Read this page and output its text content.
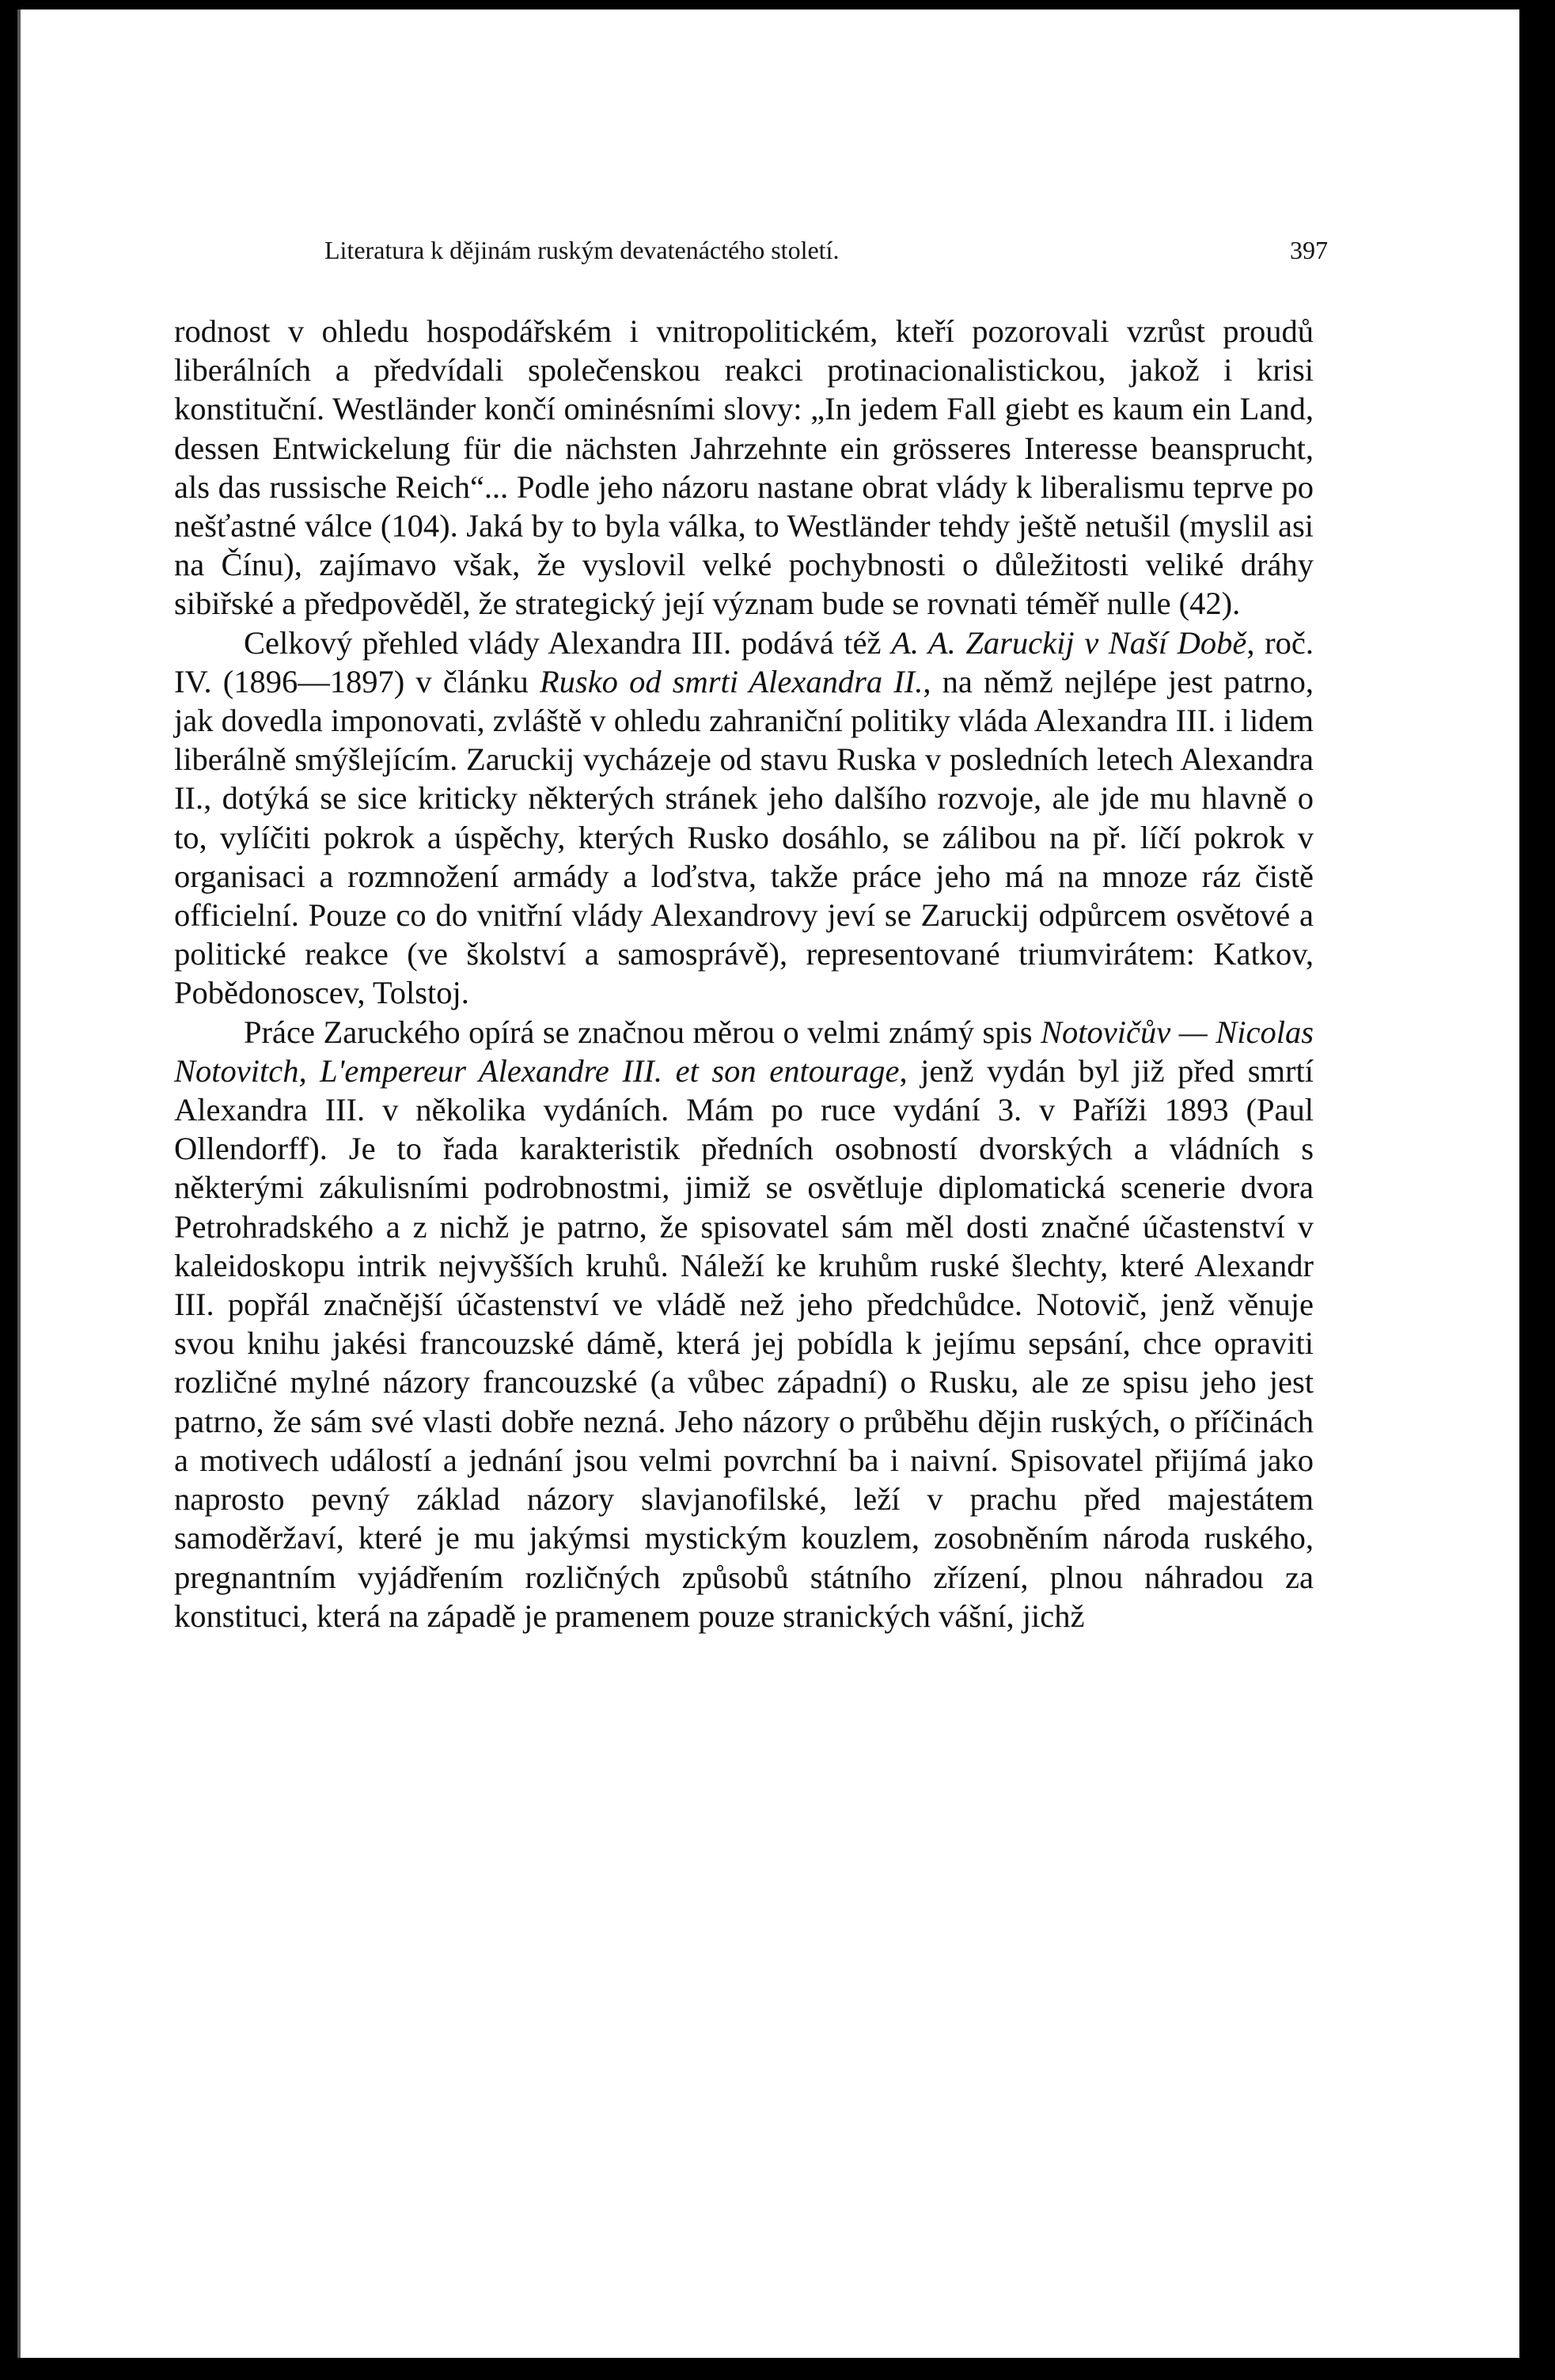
Literatura k dějinám ruským devatenáctého století.	397

rodnost v ohledu hospodářském i vnitropolitickém, kteří pozorovali vzrůst proudů liberálních a předvídali společenskou reakci protinacionalistickou, jakož i krisi konstituční. Westländer končí ominésními slovy: „In jedem Fall giebt es kaum ein Land, dessen Entwickelung für die nächsten Jahrzehnte ein grösseres Interesse beansprucht, als das russische Reich“... Podle jeho názoru nastane obrat vlády k liberalismu teprve po nešťastné válce (104). Jaká by to byla válka, to Westländer tehdy ještě netušil (myslil asi na Čínu), zajímavo však, že vyslovil velké pochybnosti o důležitosti veliké dráhy sibiřské a předpověděl, že strategický její význam bude se rovnati téměř nulle (42).

Celkový přehled vlády Alexandra III. podává též A. A. Zaruckij v Naší Době, roč. IV. (1896—1897) v článku Rusko od smrti Alexandra II., na němž nejlépe jest patrno, jak dovedla imponovati, zvláště v ohledu zahraniční politiky vláda Alexandra III. i lidem liberálně smýšlejícím. Zaruckij vycházeje od stavu Ruska v posledních letech Alexandra II., dotýká se sice kriticky některých stránek jeho dalšího rozvoje, ale jde mu hlavně o to, vylíčiti pokrok a úspěchy, kterých Rusko dosáhlo, se zálibou na př. líčí pokrok v organisaci a rozmnožení armády a loďstva, takže práce jeho má na mnoze ráz čistě officielní. Pouze co do vnitřní vlády Alexandrovy jeví se Zaruckij odpůrcem osvětové a politické reakce (ve školství a samosprávě), representované triumvirátem: Katkov, Pobědonoscev, Tolstoj.

Práce Zaruckého opírá se značnou měrou o velmi známý spis Notovičův — Nicolas Notovitch, L'empereur Alexandre III. et son entourage, jenž vydán byl již před smrtí Alexandra III. v několika vydáních. Mám po ruce vydání 3. v Paříži 1893 (Paul Ollendorff). Je to řada karakteristik předních osobností dvorských a vládních s některými zákulisními podrobnostmi, jimiž se osvětluje diplomatická scenerie dvora Petrohradského a z nichž je patrno, že spisovatel sám měl dosti značné účastenství v kaleidoskopu intrik nejvyšších kruhů. Náleží ke kruhům ruské šlechty, které Alexandr III. popřál značnější účastenství ve vládě než jeho předchůdce. Notovič, jenž věnuje svou knihu jakési francouzské dámě, která jej pobídla k jejímu sepsání, chce opraviti rozličné mylné názory francouzské (a vůbec západní) o Rusku, ale ze spisu jeho jest patrno, že sám své vlasti dobře nezná. Jeho názory o průběhu dějin ruských, o příčinách a motivech událostí a jednání jsou velmi povrchní ba i naivní. Spisovatel přijímá jako naprosto pevný základ názory slavjanofilské, leží v prachu před majestátem samoděržaví, které je mu jakýmsi mystickým kouzlem, zosobněním národa ruského, pregnantním vyjádřením rozličných způsobů státního zřízení, plnou náhradou za konstituci, která na západě je pramenem pouze stranických vášní, jichž
